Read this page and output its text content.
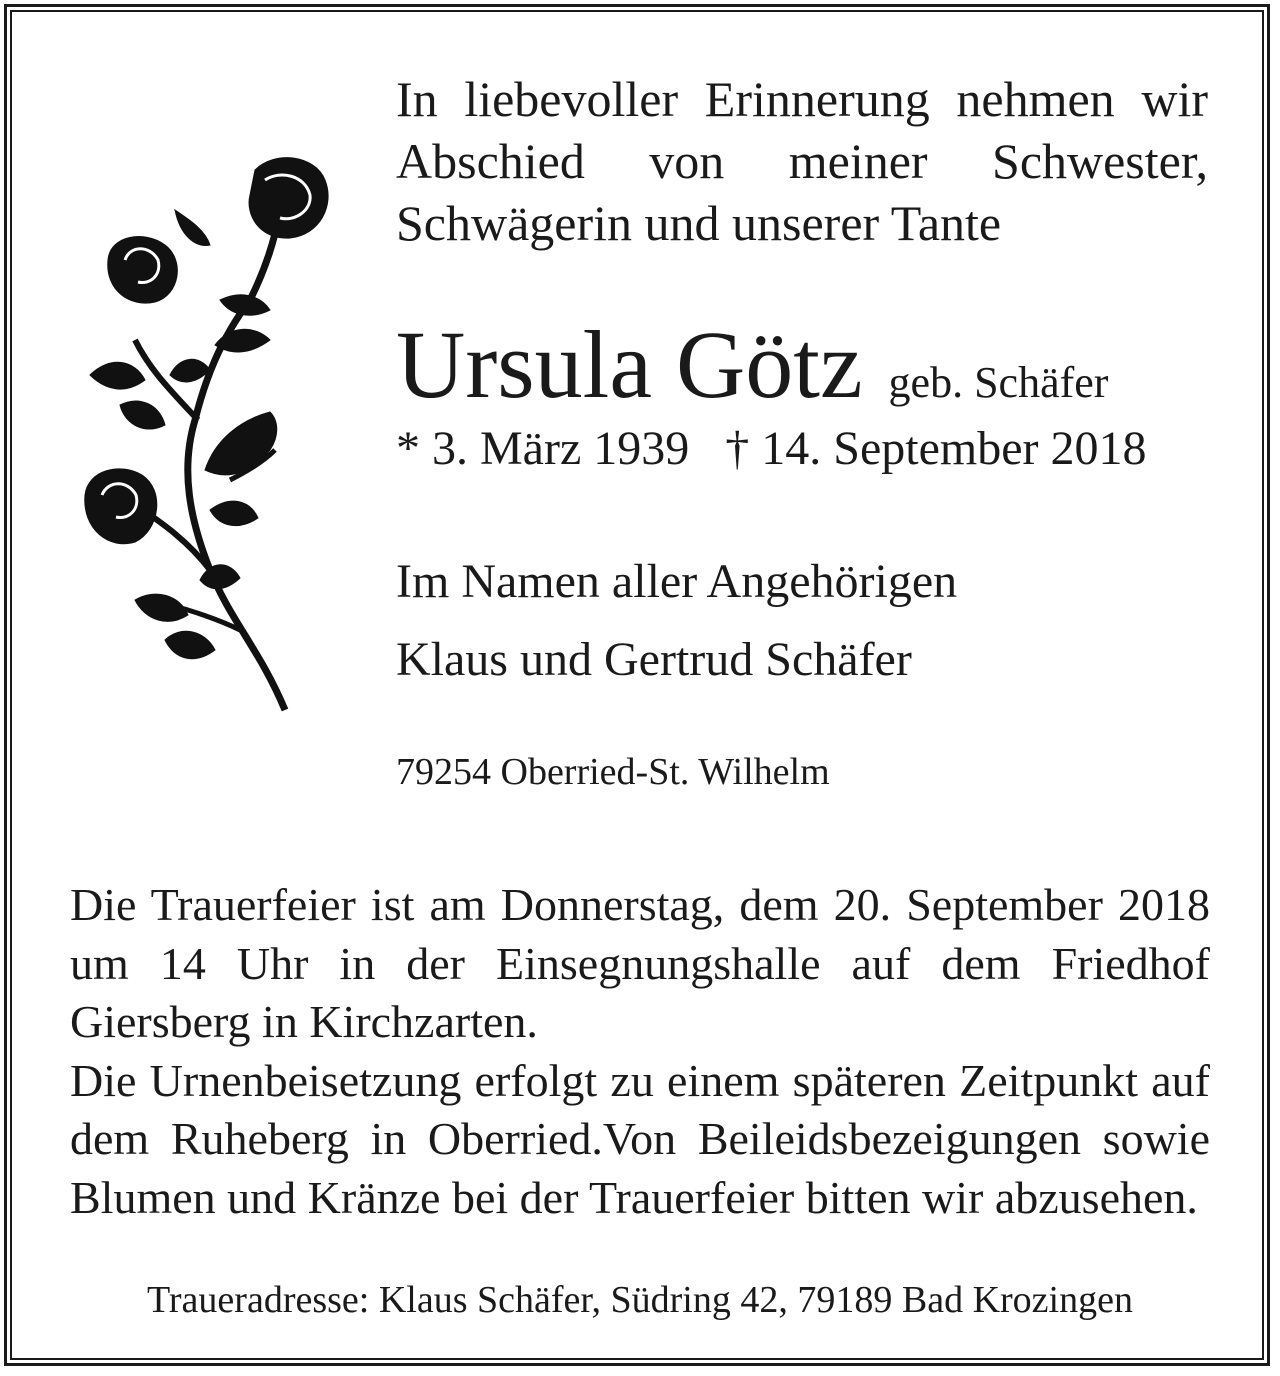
In liebevoller Erinnerung nehmen wir
Abschied von meiner Schwester,
Schwägerin und unserer Tante
Ursula Götz geb. Schäfer
* 3. März 1939   † 14. September 2018
Im Namen aller Angehörigen
Klaus und Gertrud Schäfer
79254 Oberried-St. Wilhelm
Die Trauerfeier ist am Donnerstag, dem 20. September 2018
um 14 Uhr in der Einsegnungshalle auf dem Friedhof
Giersberg in Kirchzarten.
Die Urnenbeisetzung erfolgt zu einem späteren Zeitpunkt auf
dem Ruheberg in Oberried.Von Beileidsbezeigungen sowie
Blumen und Kränze bei der Trauerfeier bitten wir abzusehen.
Traueradresse: Klaus Schäfer, Südring 42, 79189 Bad Krozingen
